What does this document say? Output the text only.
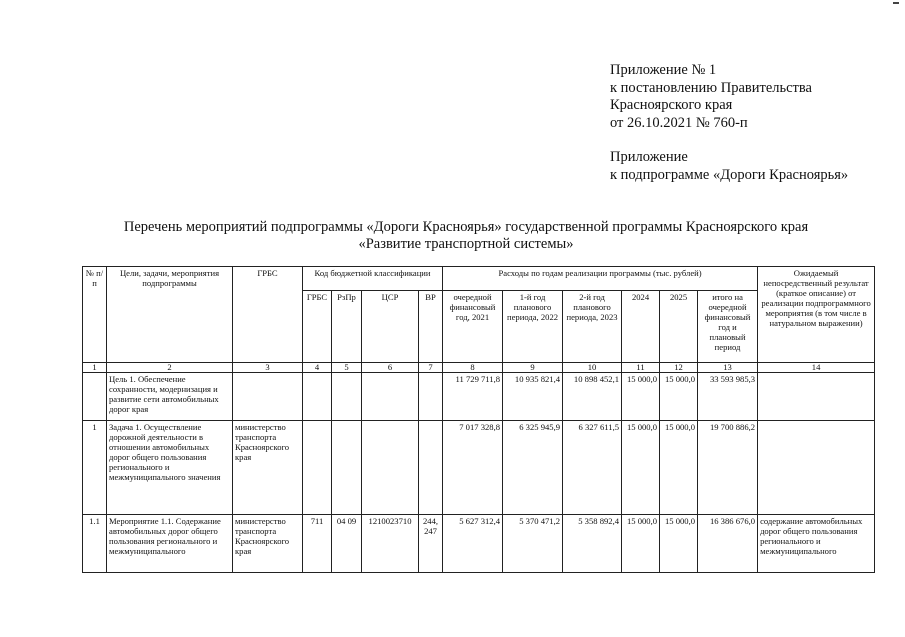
Приложение № 1
к постановлению Правительства
Красноярского края
от 26.10.2021 № 760-п
Приложение
к подпрограмме «Дороги Красноярья»
Перечень мероприятий подпрограммы «Дороги Красноярья» государственной программы Красноярского края
«Развитие транспортной системы»
№ п/п	Цели, задачи, мероприятия подпрограммы	ГРБС	Код бюджетной классификации				Расходы по годам реализации программы (тыс. рублей)						Ожидаемый непосредственный результат (краткое описание) от реализации подпрограммного мероприятия (в том числе в натуральном выражении)
			ГРБС	РзПр	ЦСР	ВР	очередной финансовый год, 2021	1-й год планового периода, 2022	2-й год планового периода, 2023	2024	2025	итого на очередной финансовый год и плановый период	
1	2	3	4	5	6	7	8	9	10	11	12	13	14
	Цель 1. Обеспечение сохранности, модернизация и развитие сети автомобильных дорог края						11 729 711,8	10 935 821,4	10 898 452,1	15 000,0	15 000,0	33 593 985,3	
1	Задача 1. Осуществление дорожной деятельности в отношении автомобильных дорог общего пользования регионального и межмуниципального значения	министерство транспорта Красноярского края					7 017 328,8	6 325 945,9	6 327 611,5	15 000,0	15 000,0	19 700 886,2	
1.1	Мероприятие 1.1. Содержание автомобильных дорог общего пользования регионального и межмуниципального	министерство транспорта Красноярского края	711	04 09	1210023710	244, 247	5 627 312,4	5 370 471,2	5 358 892,4	15 000,0	15 000,0	16 386 676,0	содержание автомобильных дорог общего пользования регионального и межмуниципального
